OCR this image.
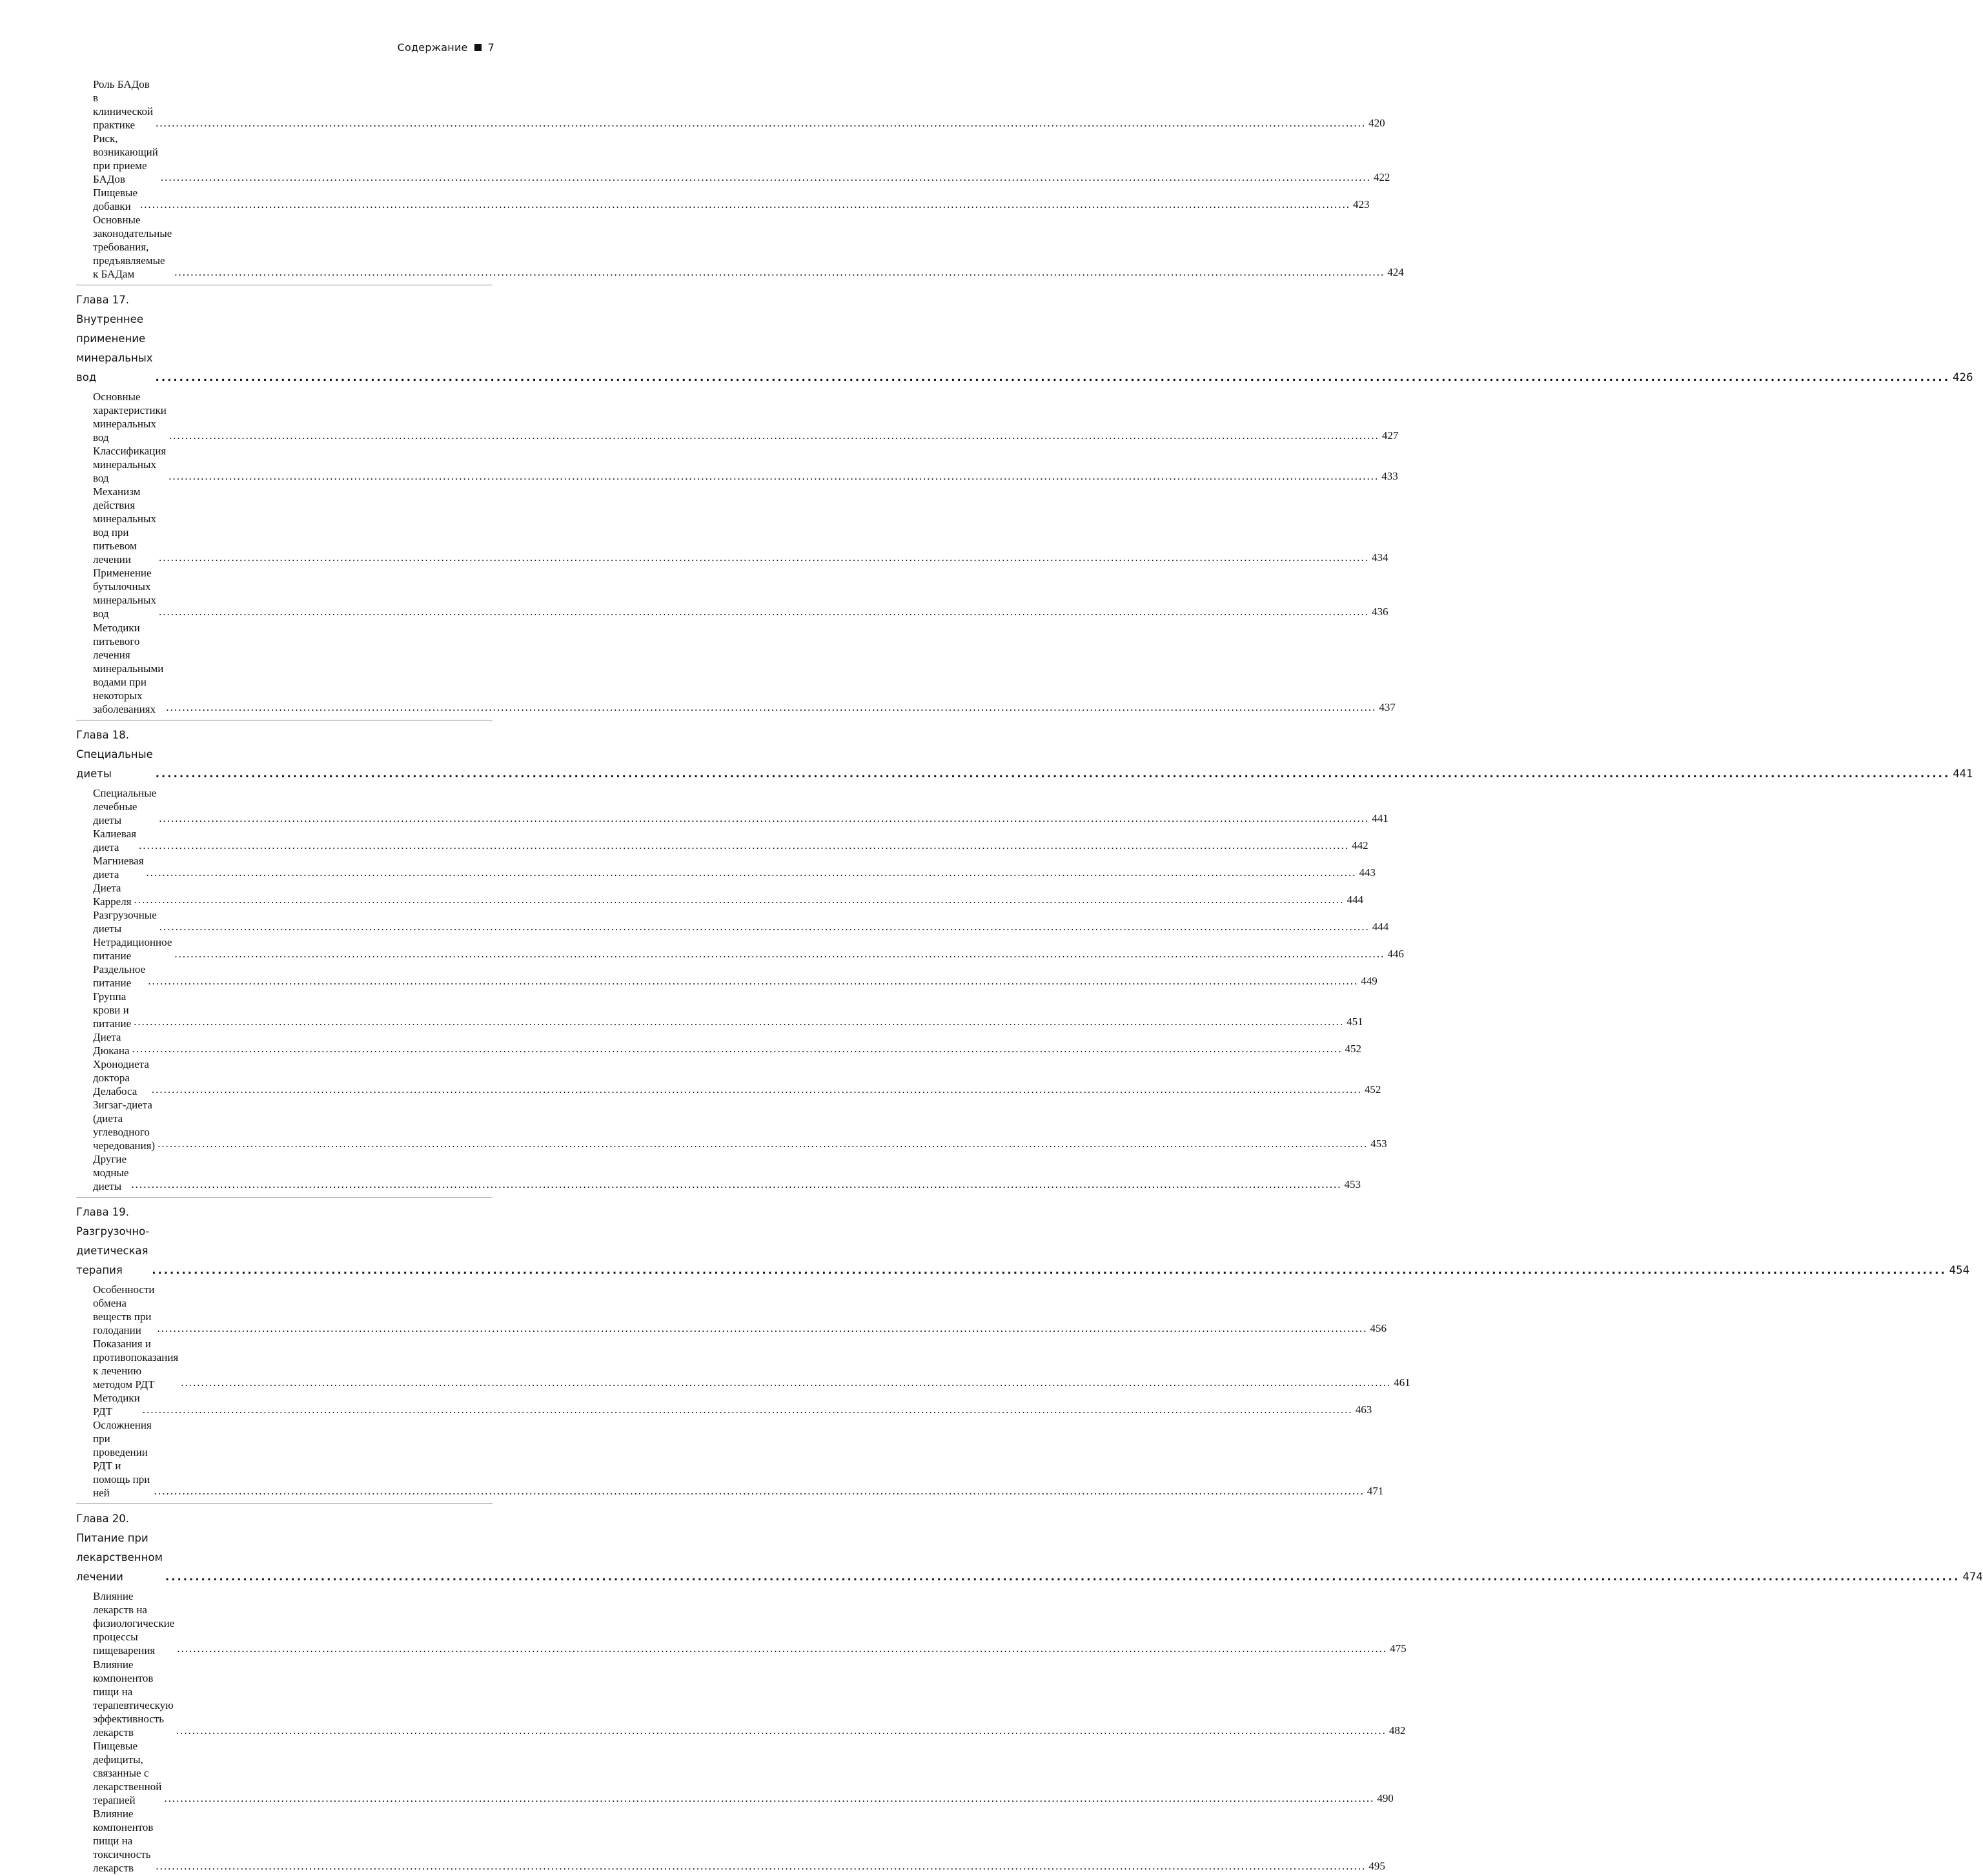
Содержание 7
Роль БАДов в клинической практике	............................................................................................................................................................................................................................................................................................................ 420
Риск, возникающий при приеме БАДов	............................................................................................................................................................................................................................................................................................................ 422
Пищевые добавки ............................................................................................................................................................................................................................................................................................................ 423
Основные законодательные требования, предъявляемые к БАДам	............................................................................................................................................................................................................................................................................................................ 424
Глава 17. Внутреннее применение минеральных вод	............................................................................................................................................................................................................................................................................................................ 426
Основные характеристики минеральных вод	............................................................................................................................................................................................................................................................................................................ 427
Классификация минеральных вод	............................................................................................................................................................................................................................................................................................................ 433
Механизм действия минеральных вод при питьевом лечении	............................................................................................................................................................................................................................................................................................................ 434
Применение бутылочных минеральных вод	............................................................................................................................................................................................................................................................................................................ 436
Методики питьевого лечения минеральными водами при некоторых заболеваниях ............................................................................................................................................................................................................................................................................................................ 437
Глава 18. Специальные диеты	............................................................................................................................................................................................................................................................................................................ 441
Специальные лечебные диеты	............................................................................................................................................................................................................................................................................................................ 441
Калиевая диета	............................................................................................................................................................................................................................................................................................................ 442
Магниевая диета	............................................................................................................................................................................................................................................................................................................ 443
Диета Карреля ............................................................................................................................................................................................................................................................................................................ 444
Разгрузочные диеты	............................................................................................................................................................................................................................................................................................................ 444
Нетрадиционное питание	............................................................................................................................................................................................................................................................................................................ 446
Раздельное питание	............................................................................................................................................................................................................................................................................................................ 449
Группа крови и питание ............................................................................................................................................................................................................................................................................................................ 451
Диета Дюкана ............................................................................................................................................................................................................................................................................................................ 452
Хронодиета доктора Делабоса	............................................................................................................................................................................................................................................................................................................ 452
Зигзаг-диета (диета углеводного чередования) ............................................................................................................................................................................................................................................................................................................ 453
Другие модные диеты ............................................................................................................................................................................................................................................................................................................ 453
Глава 19. Разгрузочно-диетическая терапия	............................................................................................................................................................................................................................................................................................................ 454
Особенности обмена веществ при голодании	............................................................................................................................................................................................................................................................................................................ 456
Показания и противопоказания к лечению методом РДТ	............................................................................................................................................................................................................................................................................................................ 461
Методики РДТ	............................................................................................................................................................................................................................................................................................................ 463
Осложнения при проведении РДТ и помощь при ней	............................................................................................................................................................................................................................................................................................................ 471
Глава 20. Питание при лекарственном лечении	............................................................................................................................................................................................................................................................................................................ 474
Влияние лекарств на физиологические процессы пищеварения	............................................................................................................................................................................................................................................................................................................ 475
Влияние компонентов пищи на терапевтическую эффективность лекарств	............................................................................................................................................................................................................................................................................................................ 482
Пищевые дефициты, связанные с лекарственной терапией	............................................................................................................................................................................................................................................................................................................ 490
Влияние компонентов пищи на токсичность лекарств	............................................................................................................................................................................................................................................................................................................ 495
